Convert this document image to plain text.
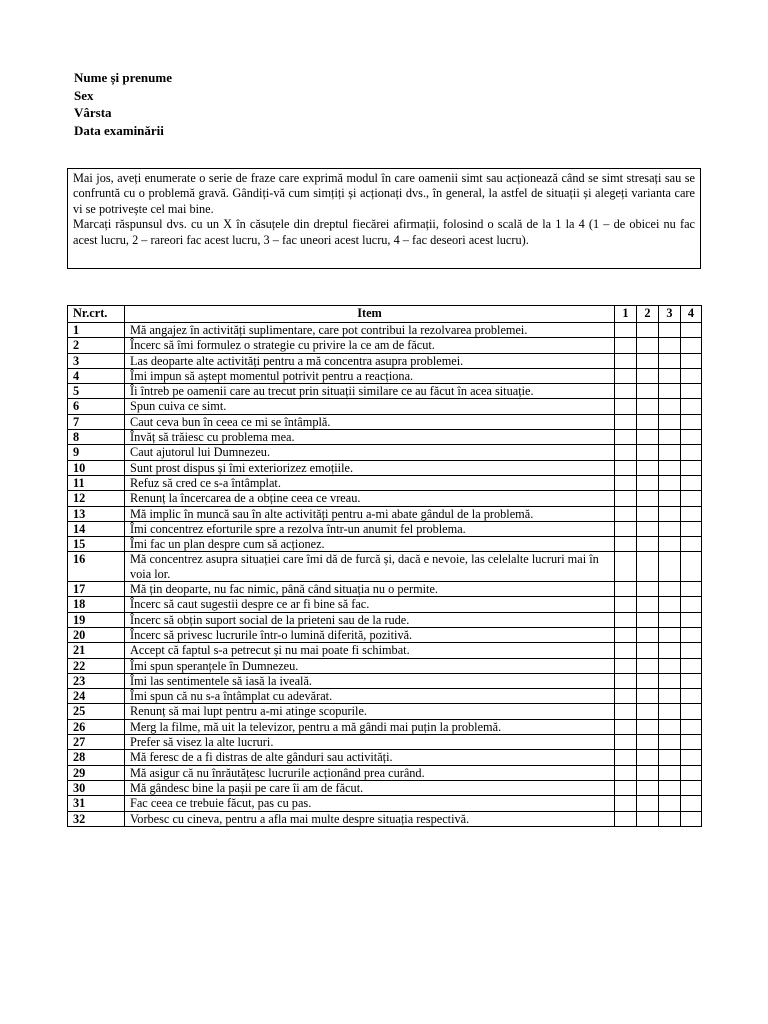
Nume și prenume
Sex
Vârsta
Data examinării

Mai jos, aveți enumerate o serie de fraze care exprimă modul în care oamenii simt sau acționează când se simt stresați sau se confruntă cu o problemă gravă. Gândiți-vă cum simțiți și acționați dvs., în general, la astfel de situații și alegeți varianta care vi se potrivește cel mai bine.

Marcați răspunsul dvs. cu un X în căsuțele din dreptul fiecărei afirmații, folosind o scală de la 1 la 4 (1 – de obicei nu fac acest lucru, 2 – rareori fac acest lucru, 3 – fac uneori acest lucru, 4 – fac deseori acest lucru).

Nr.crt.	Item	1	2	3	4
1	Mă angajez în activități suplimentare, care pot contribui la rezolvarea problemei.				
2	Încerc să îmi formulez o strategie cu privire la ce am de făcut.				
3	Las deoparte alte activități pentru a mă concentra asupra problemei.				
4	Îmi impun să aștept momentul potrivit pentru a reacționa.				
5	Îi întreb pe oamenii care au trecut prin situații similare ce au făcut în acea situație.				
6	Spun cuiva ce simt.				
7	Caut ceva bun în ceea ce mi se întâmplă.				
8	Învăț să trăiesc cu problema mea.				
9	Caut ajutorul lui Dumnezeu.				
10	Sunt prost dispus și îmi exteriorizez emoțiile.				
11	Refuz să cred ce s-a întâmplat.				
12	Renunț la încercarea de a obține ceea ce vreau.				
13	Mă implic în muncă sau în alte activități pentru a-mi abate gândul de la problemă.				
14	Îmi concentrez eforturile spre a rezolva într-un anumit fel problema.				
15	Îmi fac un plan despre cum să acționez.				
16	Mă concentrez asupra situației care îmi dă de furcă și, dacă e nevoie, las celelalte lucruri mai în voia lor.				
17	Mă țin deoparte, nu fac nimic, până când situația nu o permite.				
18	Încerc să caut sugestii despre ce ar fi bine să fac.				
19	Încerc să obțin suport social de la prieteni sau de la rude.				
20	Încerc să privesc lucrurile într-o lumină diferită, pozitivă.				
21	Accept că faptul s-a petrecut și nu mai poate fi schimbat.				
22	Îmi spun speranțele în Dumnezeu.				
23	Îmi las sentimentele să iasă la iveală.				
24	Îmi spun că nu s-a întâmplat cu adevărat.				
25	Renunț să mai lupt pentru a-mi atinge scopurile.				
26	Merg la filme, mă uit la televizor, pentru a mă gândi mai puțin la problemă.				
27	Prefer să visez la alte lucruri.				
28	Mă feresc de a fi distras de alte gânduri sau activități.				
29	Mă asigur că nu înrăutățesc lucrurile acționând prea curând.				
30	Mă gândesc bine la pașii pe care îi am de făcut.				
31	Fac ceea ce trebuie făcut, pas cu pas.				
32	Vorbesc cu cineva, pentru a afla mai multe despre situația respectivă.				
